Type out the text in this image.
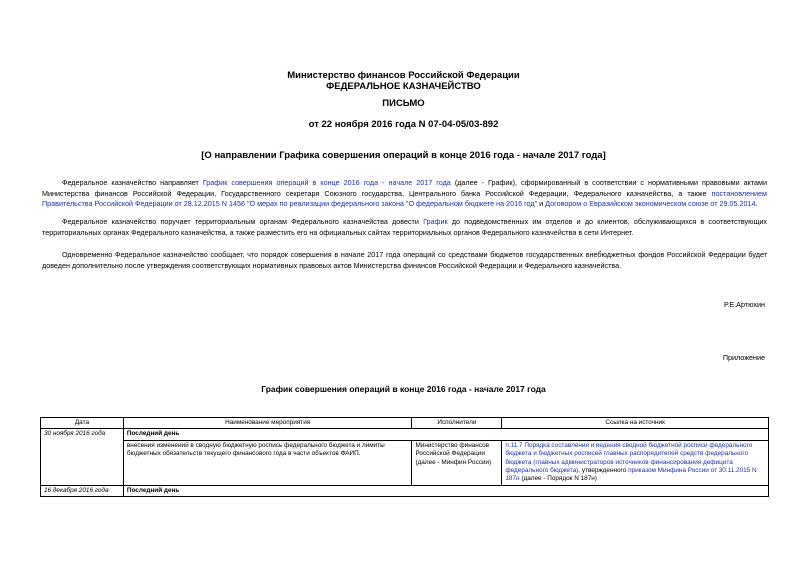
Министерство финансов Российской Федерации
ФЕДЕРАЛЬНОЕ КАЗНАЧЕЙСТВО
ПИСЬМО
от 22 ноября 2016 года N 07-04-05/03-892
[О направлении Графика совершения операций в конце 2016 года - начале 2017 года]
Федеральное казначейство направляет График совершения операций в конце 2016 года - начале 2017 года (далее - График), сформированный в соответствии с нормативными правовыми актами Министерства финансов Российской Федерации, Государственного секретаря Союзного государства, Центрального банка Российской Федерации, Федерального казначейства, а также постановлением Правительства Российской Федерации от 28.12.2015 N 1456 "О мерах по реализации федерального закона "О федеральном бюджете на 2016 год" и Договором о Евразийском экономическом союзе от 29.05.2014.
Федеральное казначейство поручает территориальным органам Федерального казначейства довести График до подведомственных им отделов и до клиентов, обслуживающихся в соответствующих территориальных органах Федерального казначейства, а также разместить его на официальных сайтах территориальных органов Федерального казначейства в сети Интернет.
Одновременно Федеральное казначейство сообщает, что порядок совершения в начале 2017 года операций со средствами бюджетов государственных внебюджетных фондов Российской Федерации будет доведен дополнительно после утверждения соответствующих нормативных правовых актов Министерства финансов Российской Федерации и Федерального казначейства.
Р.Е.Артюхин
Приложение
График совершения операций в конце 2016 года - начале 2017 года
Дата	Наименование мероприятия	Исполнители	Ссылка на источник
30 ноября 2016 года	Последний день		
	внесения изменений в сводную бюджетную роспись федерального бюджета и лимиты бюджетных обязательств текущего финансового года в части объектов ФАИП.	Министерство финансов Российской Федерации (далее - Минфин России)	п.11.7 Порядка составления и ведения сводной бюджетной росписи федерального бюджета и бюджетных росписей главных распорядителей средств федерального бюджета (главных администраторов источников финансирования дефицита федерального бюджета), утвержденного приказом Минфина России от 30.11.2015 N 187н (далее - Порядок N 187н)
16 декабря 2016 года	Последний день		
